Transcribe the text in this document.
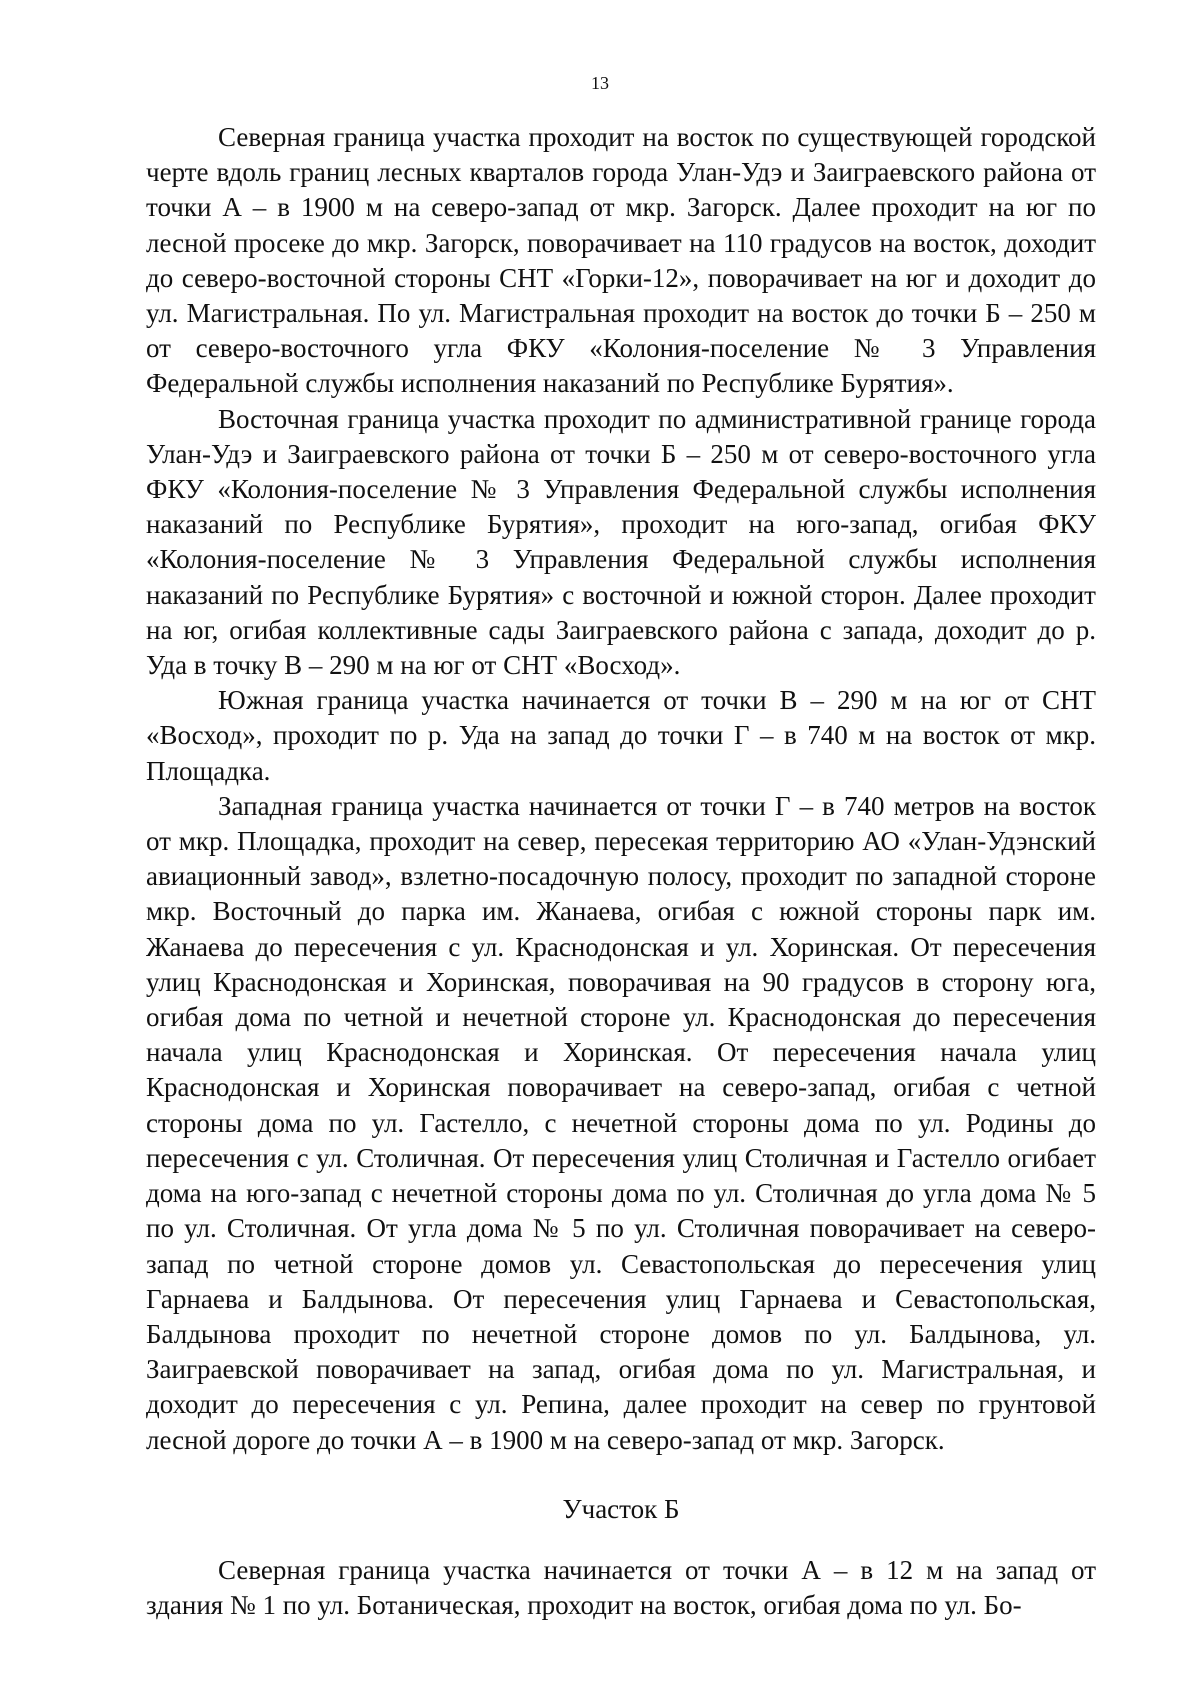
13

Северная граница участка проходит на восток по существующей городской черте вдоль границ лесных кварталов города Улан-Удэ и Заиграевского района от точки А – в 1900 м на северо-запад от мкр. Загорск. Далее проходит на юг по лесной просеке до мкр. Загорск, поворачивает на 110 градусов на восток, доходит до северо-восточной стороны СНТ «Горки-12», поворачивает на юг и доходит до ул. Магистральная. По ул. Магистральная проходит на восток до точки Б – 250 м от северо-восточного угла ФКУ «Колония-поселение № 3 Управления Федеральной службы исполнения наказаний по Республике Бурятия».

Восточная граница участка проходит по административной границе города Улан-Удэ и Заиграевского района от точки Б – 250 м от северо-восточного угла ФКУ «Колония-поселение № 3 Управления Федеральной службы исполнения наказаний по Республике Бурятия», проходит на юго-запад, огибая ФКУ «Колония-поселение № 3 Управления Федеральной службы исполнения наказаний по Республике Бурятия» с восточной и южной сторон. Далее проходит на юг, огибая коллективные сады Заиграевского района с запада, доходит до р. Уда в точку В – 290 м на юг от СНТ «Восход».

Южная граница участка начинается от точки В – 290 м на юг от СНТ «Восход», проходит по р. Уда на запад до точки Г – в 740 м на восток от мкр. Площадка.

Западная граница участка начинается от точки Г – в 740 метров на восток от мкр. Площадка, проходит на север, пересекая территорию АО «Улан-Удэнский авиационный завод», взлетно-посадочную полосу, проходит по западной стороне мкр. Восточный до парка им. Жанаева, огибая с южной стороны парк им. Жанаева до пересечения с ул. Краснодонская и ул. Хоринская. От пересечения улиц Краснодонская и Хоринская, поворачивая на 90 градусов в сторону юга, огибая дома по четной и нечетной стороне ул. Краснодонская до пересечения начала улиц Краснодонская и Хоринская. От пересечения начала улиц Краснодонская и Хоринская поворачивает на северо-запад, огибая с четной стороны дома по ул. Гастелло, с нечетной стороны дома по ул. Родины до пересечения с ул. Столичная. От пересечения улиц Столичная и Гастелло огибает дома на юго-запад с нечетной стороны дома по ул. Столичная до угла дома № 5 по ул. Столичная. От угла дома № 5 по ул. Столичная поворачивает на северо-запад по четной стороне домов ул. Севастопольская до пересечения улиц Гарнаева и Балдынова. От пересечения улиц Гарнаева и Севастопольская, Балдынова проходит по нечетной стороне домов по ул. Балдынова, ул. Заиграевской поворачивает на запад, огибая дома по ул. Магистральная, и доходит до пересечения с ул. Репина, далее проходит на север по грунтовой лесной дороге до точки А – в 1900 м на северо-запад от мкр. Загорск.

Участок Б

Северная граница участка начинается от точки А – в 12 м на запад от здания № 1 по ул. Ботаническая, проходит на восток, огибая дома по ул. Бо-
